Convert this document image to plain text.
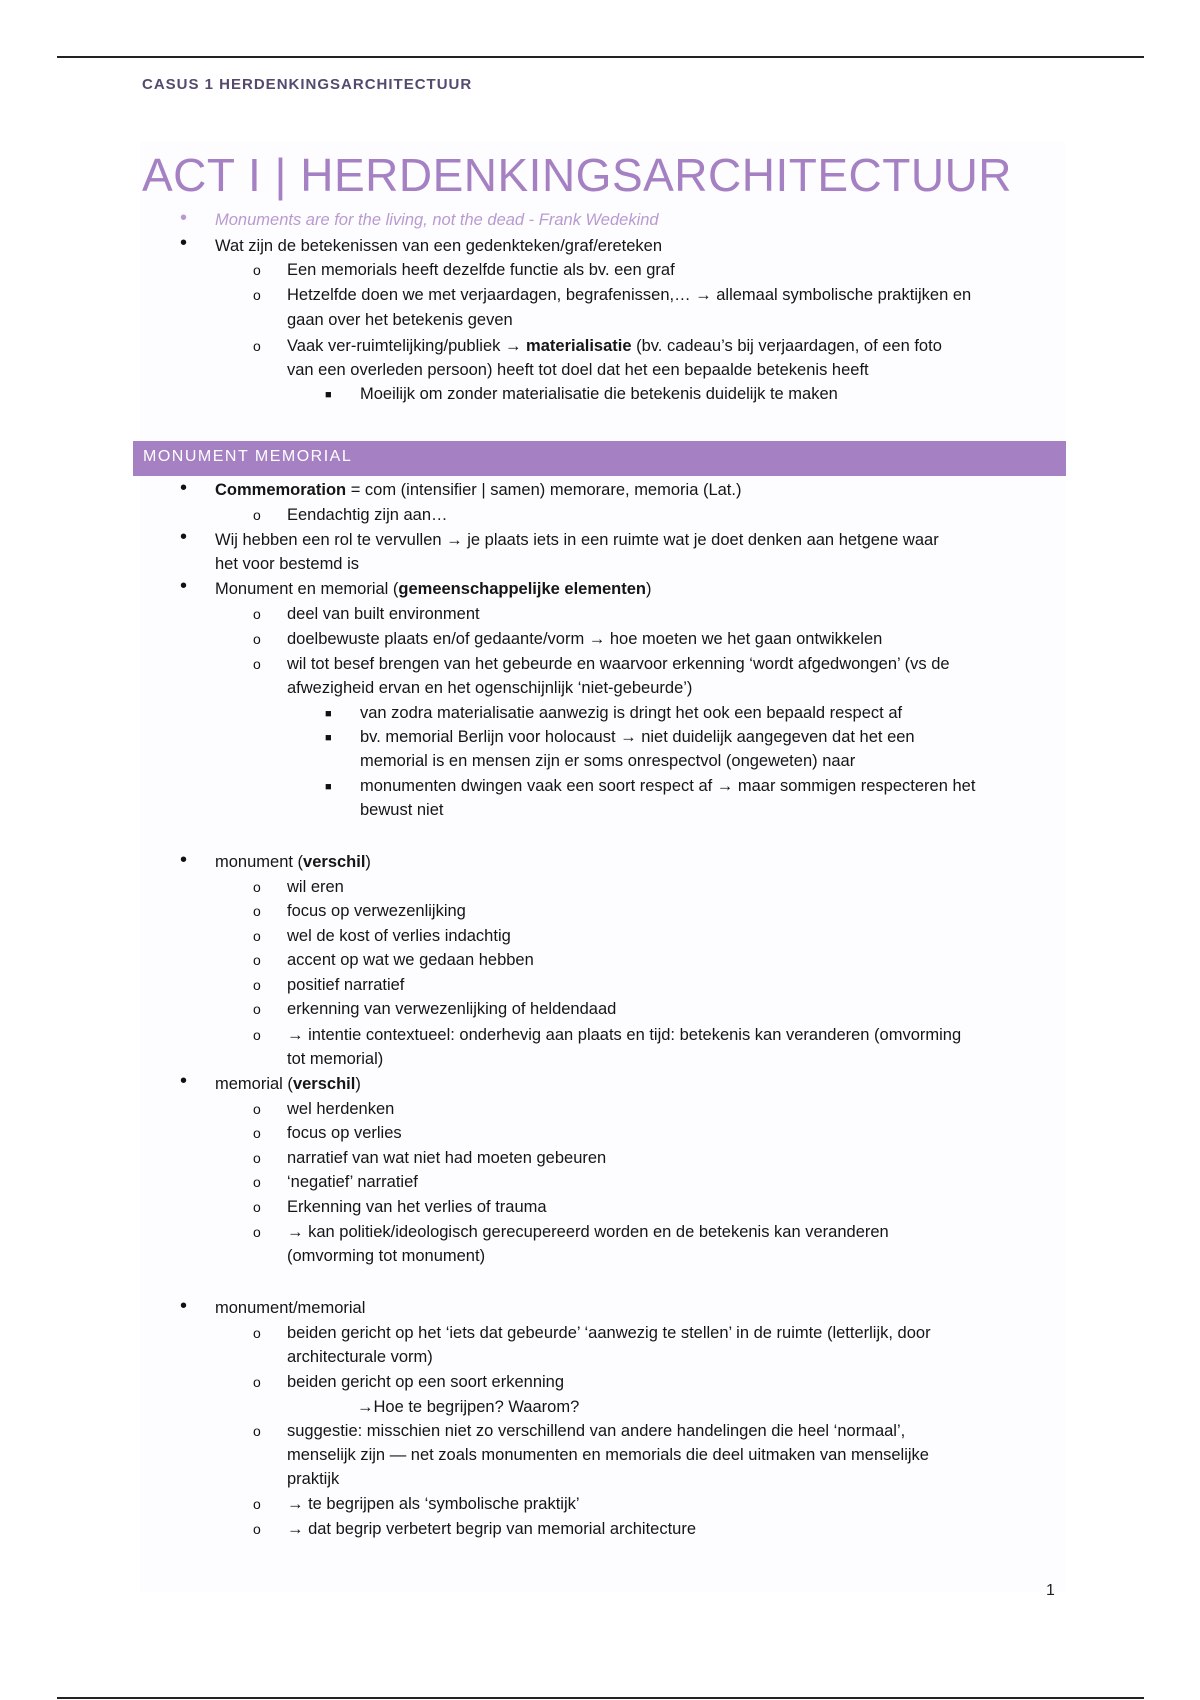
CASUS 1 HERDENKINGSARCHITECTUUR
ACT I | HERDENKINGSARCHITECTUUR
• Monuments are for the living, not the dead - Frank Wedekind
• Wat zijn de betekenissen van een gedenkteken/graf/ereteken
o Een memorials heeft dezelfde functie als bv. een graf
o Hetzelfde doen we met verjaardagen, begrafenissen,… → allemaal symbolische praktijken en
gaan over het betekenis geven
o Vaak ver-ruimtelijking/publiek → materialisatie (bv. cadeau’s bij verjaardagen, of een foto
van een overleden persoon) heeft tot doel dat het een bepaalde betekenis heeft
■ Moeilijk om zonder materialisatie die betekenis duidelijk te maken
MONUMENT MEMORIAL
• Commemoration = com (intensifier | samen) memorare, memoria (Lat.)
o Eendachtig zijn aan…
• Wij hebben een rol te vervullen → je plaats iets in een ruimte wat je doet denken aan hetgene waar
het voor bestemd is
• Monument en memorial (gemeenschappelijke elementen)
o deel van built environment
o doelbewuste plaats en/of gedaante/vorm → hoe moeten we het gaan ontwikkelen
o wil tot besef brengen van het gebeurde en waarvoor erkenning ‘wordt afgedwongen’ (vs de
afwezigheid ervan en het ogenschijnlijk ‘niet-gebeurde’)
■ van zodra materialisatie aanwezig is dringt het ook een bepaald respect af
■ bv. memorial Berlijn voor holocaust → niet duidelijk aangegeven dat het een
memorial is en mensen zijn er soms onrespectvol (ongeweten) naar
■ monumenten dwingen vaak een soort respect af → maar sommigen respecteren het
bewust niet
• monument (verschil)
o wil eren
o focus op verwezenlijking
o wel de kost of verlies indachtig
o accent op wat we gedaan hebben
o positief narratief
o erkenning van verwezenlijking of heldendaad
o → intentie contextueel: onderhevig aan plaats en tijd: betekenis kan veranderen (omvorming
tot memorial)
• memorial (verschil)
o wel herdenken
o focus op verlies
o narratief van wat niet had moeten gebeuren
o ‘negatief’ narratief
o Erkenning van het verlies of trauma
o → kan politiek/ideologisch gerecupereerd worden en de betekenis kan veranderen
(omvorming tot monument)
• monument/memorial
o beiden gericht op het ‘iets dat gebeurde’ ‘aanwezig te stellen’ in de ruimte (letterlijk, door
architecturale vorm)
o beiden gericht op een soort erkenning
→Hoe te begrijpen? Waarom?
o suggestie: misschien niet zo verschillend van andere handelingen die heel ‘normaal’,
menselijk zijn — net zoals monumenten en memorials die deel uitmaken van menselijke
praktijk
o → te begrijpen als ‘symbolische praktijk’
o → dat begrip verbetert begrip van memorial architecture
1
